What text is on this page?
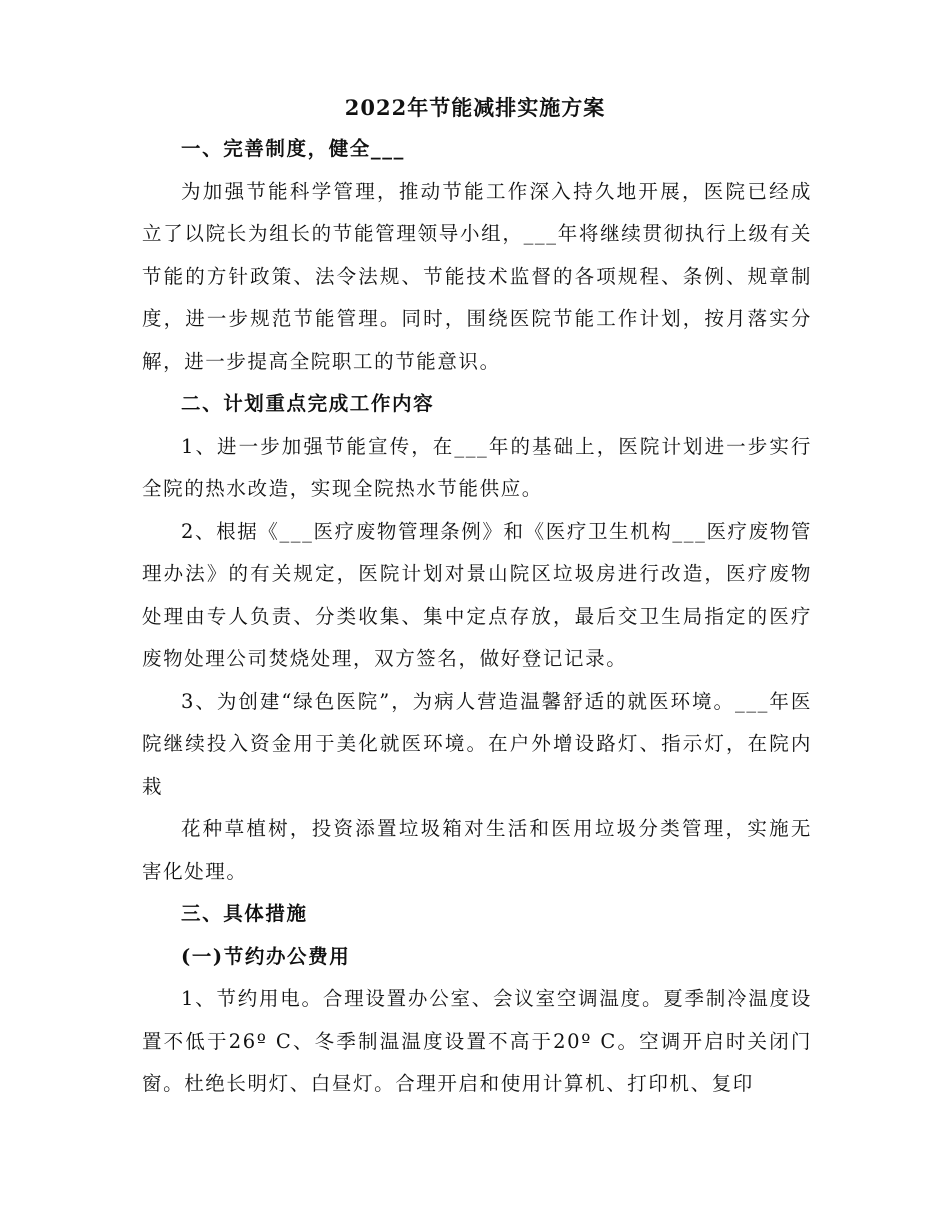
2022年节能减排实施方案

一、完善制度，健全___

为加强节能科学管理，推动节能工作深入持久地开展，医院已经成立了以院长为组长的节能管理领导小组，___年将继续贯彻执行上级有关节能的方针政策、法令法规、节能技术监督的各项规程、条例、规章制度，进一步规范节能管理。同时，围绕医院节能工作计划，按月落实分解，进一步提高全院职工的节能意识。

二、计划重点完成工作内容

1、进一步加强节能宣传，在___年的基础上，医院计划进一步实行全院的热水改造，实现全院热水节能供应。

2、根据《___医疗废物管理条例》和《医疗卫生机构___医疗废物管理办法》的有关规定，医院计划对景山院区垃圾房进行改造，医疗废物处理由专人负责、分类收集、集中定点存放，最后交卫生局指定的医疗废物处理公司焚烧处理，双方签名，做好登记记录。

3、为创建“绿色医院”，为病人营造温馨舒适的就医环境。___年医院继续投入资金用于美化就医环境。在户外增设路灯、指示灯，在院内栽

花种草植树，投资添置垃圾箱对生活和医用垃圾分类管理，实施无害化处理。

三、具体措施

(一)节约办公费用

1、节约用电。合理设置办公室、会议室空调温度。夏季制冷温度设置不低于26º C、冬季制温温度设置不高于20º C。空调开启时关闭门窗。杜绝长明灯、白昼灯。合理开启和使用计算机、打印机、复印
